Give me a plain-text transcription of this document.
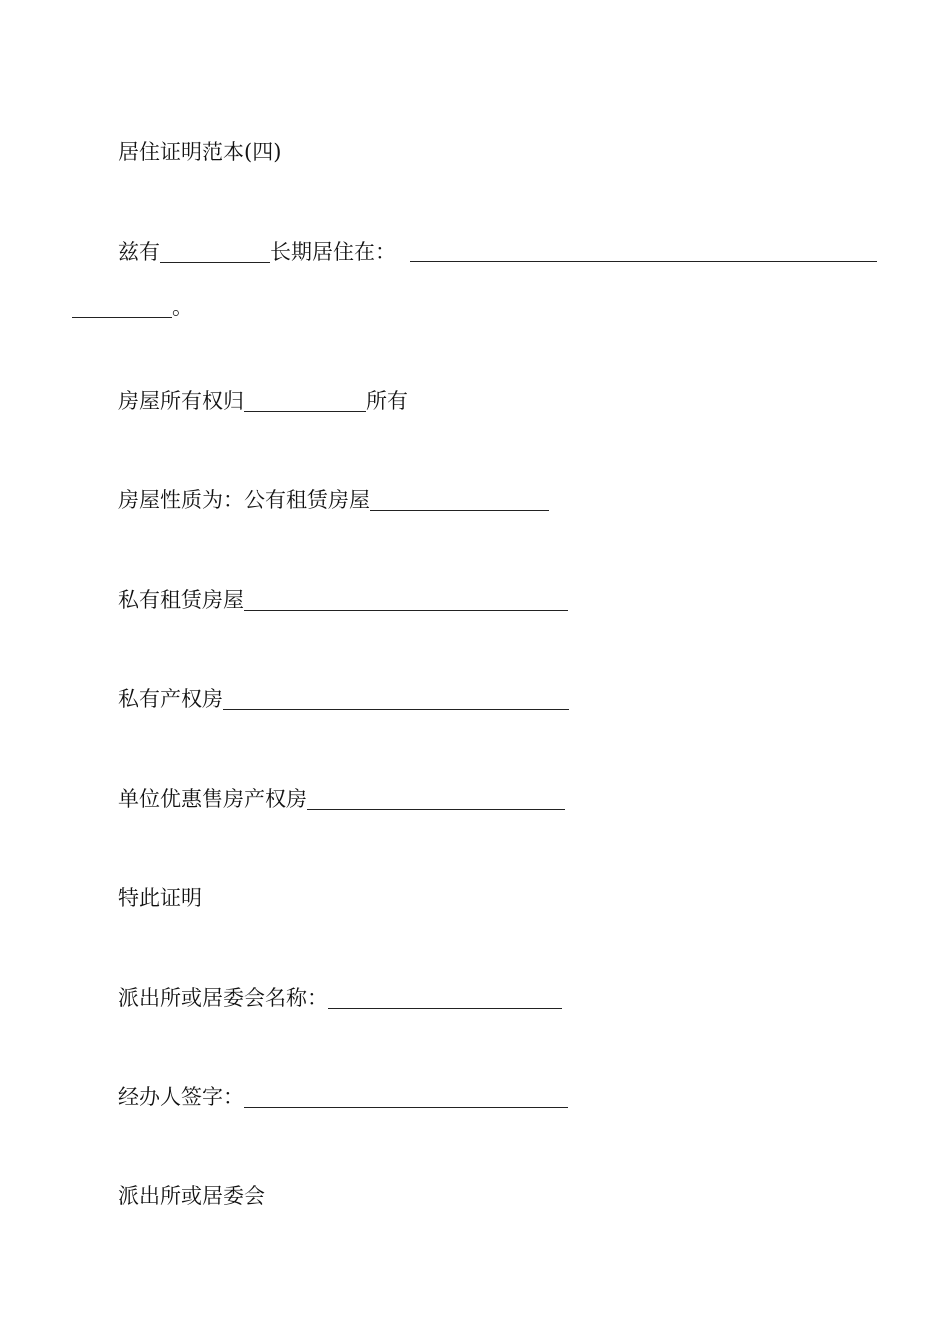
居住证明范本(四)
兹有	长期居住在：
。
房屋所有权归	所有
房屋性质为：公有租赁房屋
私有租赁房屋
私有产权房
单位优惠售房产权房
特此证明
派出所或居委会名称：
经办人签字：
派出所或居委会
